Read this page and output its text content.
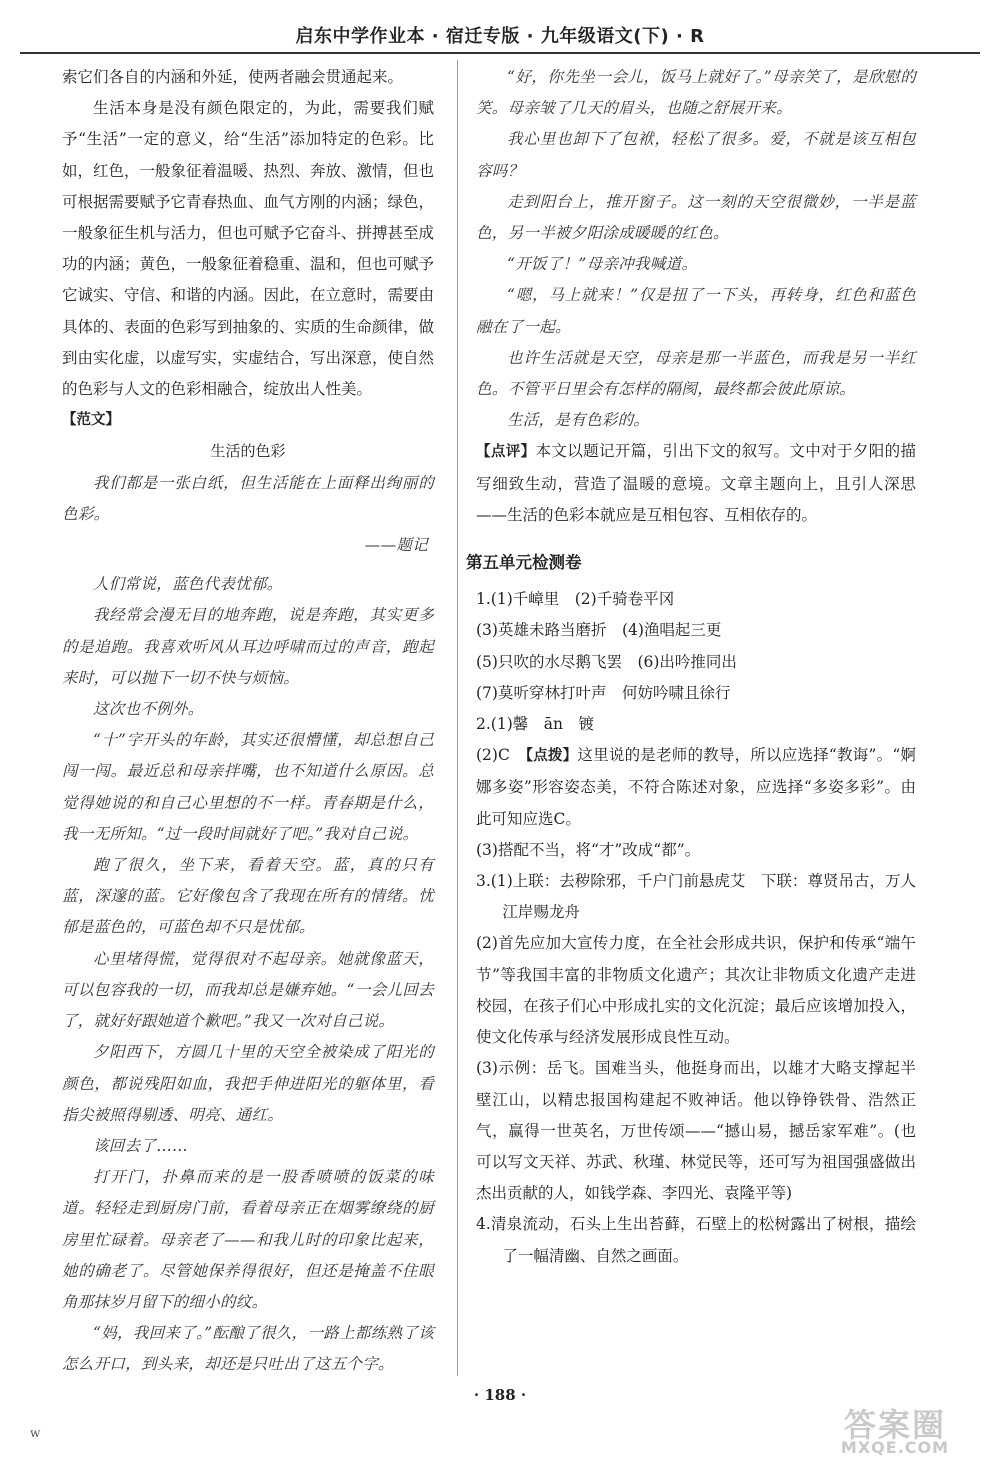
启东中学作业本 · 宿迁专版 · 九年级语文(下) · R

索它们各自的内涵和外延，使两者融会贯通起来。

生活本身是没有颜色限定的，为此，需要我们赋予“生活”一定的意义，给“生活”添加特定的色彩。比如，红色，一般象征着温暖、热烈、奔放、激情，但也可根据需要赋予它青春热血、血气方刚的内涵；绿色，一般象征生机与活力，但也可赋予它奋斗、拼搏甚至成功的内涵；黄色，一般象征着稳重、温和，但也可赋予它诚实、守信、和谐的内涵。因此，在立意时，需要由具体的、表面的色彩写到抽象的、实质的生命颜律，做到由实化虚，以虚写实，实虚结合，写出深意，使自然的色彩与人文的色彩相融合，绽放出人性美。

【范文】

生活的色彩

我们都是一张白纸，但生活能在上面释出绚丽的色彩。

——题记

人们常说，蓝色代表忧郁。

我经常会漫无目的地奔跑，说是奔跑，其实更多的是追跑。我喜欢听风从耳边呼啸而过的声音，跑起来时，可以抛下一切不快与烦恼。

这次也不例外。

“十”字开头的年龄，其实还很懵懂，却总想自己闯一闯。最近总和母亲拌嘴，也不知道什么原因。总觉得她说的和自己心里想的不一样。青春期是什么，我一无所知。“过一段时间就好了吧。”我对自己说。

跑了很久，坐下来，看着天空。蓝，真的只有蓝，深邃的蓝。它好像包含了我现在所有的情绪。忧郁是蓝色的，可蓝色却不只是忧郁。

心里堵得慌，觉得很对不起母亲。她就像蓝天，可以包容我的一切，而我却总是嫌弃她。“一会儿回去了，就好好跟她道个歉吧。”我又一次对自己说。

夕阳西下，方圆几十里的天空全被染成了阳光的颜色，都说残阳如血，我把手伸进阳光的躯体里，看指尖被照得剔透、明亮、通红。

该回去了……

打开门，扑鼻而来的是一股香喷喷的饭菜的味道。轻轻走到厨房门前，看着母亲正在烟雾缭绕的厨房里忙碌着。母亲老了——和我儿时的印象比起来，她的确老了。尽管她保养得很好，但还是掩盖不住眼角那抹岁月留下的细小的纹。

“妈，我回来了。”酝酿了很久，一路上都练熟了该怎么开口，到头来，却还是只吐出了这五个字。

“好，你先坐一会儿，饭马上就好了。”母亲笑了，是欣慰的笑。母亲皱了几天的眉头，也随之舒展开来。

我心里也卸下了包袱，轻松了很多。爱，不就是该互相包容吗？

走到阳台上，推开窗子。这一刻的天空很微妙，一半是蓝色，另一半被夕阳涂成暖暖的红色。

“开饭了！”母亲冲我喊道。

“嗯，马上就来！”仅是扭了一下头，再转身，红色和蓝色融在了一起。

也许生活就是天空，母亲是那一半蓝色，而我是另一半红色。不管平日里会有怎样的隔阂，最终都会彼此原谅。

生活，是有色彩的。

【点评】本文以题记开篇，引出下文的叙写。文中对于夕阳的描写细致生动，营造了温暖的意境。文章主题向上，且引人深思——生活的色彩本就应是互相包容、互相依存的。

第五单元检测卷

1.(1)千嶂里　(2)千骑卷平冈

(3)英雄未路当磨折　(4)渔唱起三更

(5)只吹的水尽鹅飞罢　(6)出吟推同出

(7)莫听穿林打叶声　何妨吟啸且徐行

2.(1)馨　ān　镀

(2)C　【点拨】这里说的是老师的教导，所以应选择“教诲”。“婀娜多姿”形容姿态美，不符合陈述对象，应选择“多姿多彩”。由此可知应选C。

(3)搭配不当，将“才”改成“都”。

3.(1)上联：去秽除邪，千户门前悬虎艾　下联：尊贤吊古，万人江岸赐龙舟

(2)首先应加大宣传力度，在全社会形成共识，保护和传承“端午节”等我国丰富的非物质文化遗产；其次让非物质文化遗产走进校园，在孩子们心中形成扎实的文化沉淀；最后应该增加投入，使文化传承与经济发展形成良性互动。

(3)示例：岳飞。国难当头，他挺身而出，以雄才大略支撑起半壁江山，以精忠报国构建起不败神话。他以铮铮铁骨、浩然正气，赢得一世英名，万世传颂——“撼山易，撼岳家军难”。(也可以写文天祥、苏武、秋瑾、林觉民等，还可写为祖国强盛做出杰出贡献的人，如钱学森、李四光、袁隆平等)

4.清泉流动，石头上生出苔藓，石壁上的松树露出了树根，描绘了一幅清幽、自然之画面。

· 188 ·
w	答案圈
MXQE.COM
